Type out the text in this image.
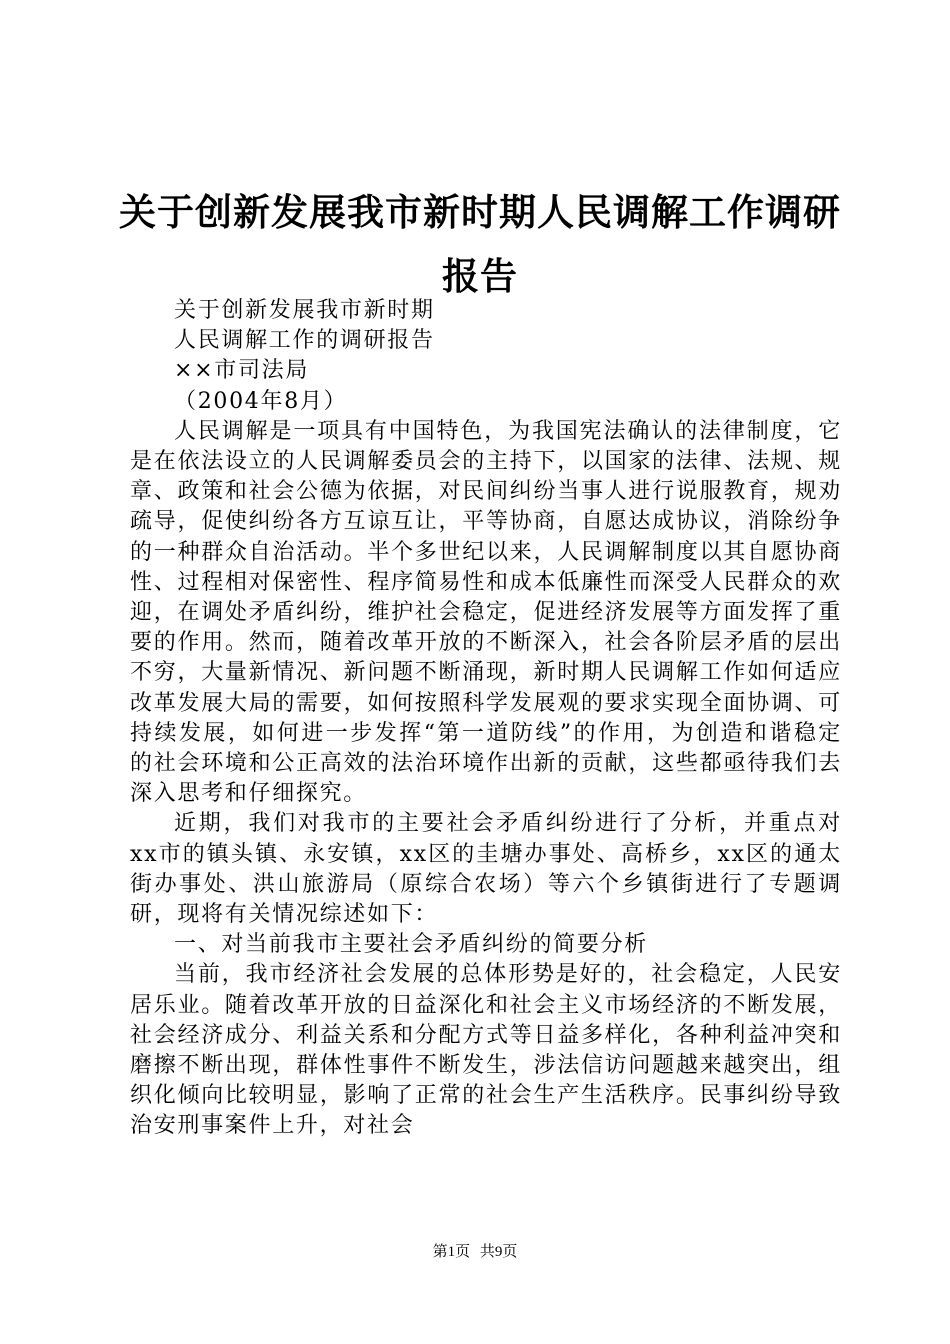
关于创新发展我市新时期人民调解工作调研报告

关于创新发展我市新时期

人民调解工作的调研报告

××市司法局

（2004年8月）

人民调解是一项具有中国特色，为我国宪法确认的法律制度，它是在依法设立的人民调解委员会的主持下，以国家的法律、法规、规章、政策和社会公德为依据，对民间纠纷当事人进行说服教育，规劝疏导，促使纠纷各方互谅互让，平等协商，自愿达成协议，消除纷争的一种群众自治活动。半个多世纪以来，人民调解制度以其自愿协商性、过程相对保密性、程序简易性和成本低廉性而深受人民群众的欢迎，在调处矛盾纠纷，维护社会稳定，促进经济发展等方面发挥了重要的作用。然而，随着改革开放的不断深入，社会各阶层矛盾的层出不穷，大量新情况、新问题不断涌现，新时期人民调解工作如何适应改革发展大局的需要，如何按照科学发展观的要求实现全面协调、可持续发展，如何进一步发挥“第一道防线”的作用，为创造和谐稳定的社会环境和公正高效的法治环境作出新的贡献，这些都亟待我们去深入思考和仔细探究。

近期，我们对我市的主要社会矛盾纠纷进行了分析，并重点对xx市的镇头镇、永安镇，xx区的圭塘办事处、高桥乡，xx区的通太街办事处、洪山旅游局（原综合农场）等六个乡镇街进行了专题调研，现将有关情况综述如下：

一、对当前我市主要社会矛盾纠纷的简要分析

当前，我市经济社会发展的总体形势是好的，社会稳定，人民安居乐业。随着改革开放的日益深化和社会主义市场经济的不断发展，社会经济成分、利益关系和分配方式等日益多样化，各种利益冲突和磨擦不断出现，群体性事件不断发生，涉法信访问题越来越突出，组织化倾向比较明显，影响了正常的社会生产生活秩序。民事纠纷导致治安刑事案件上升，对社会

第1页 共9页
